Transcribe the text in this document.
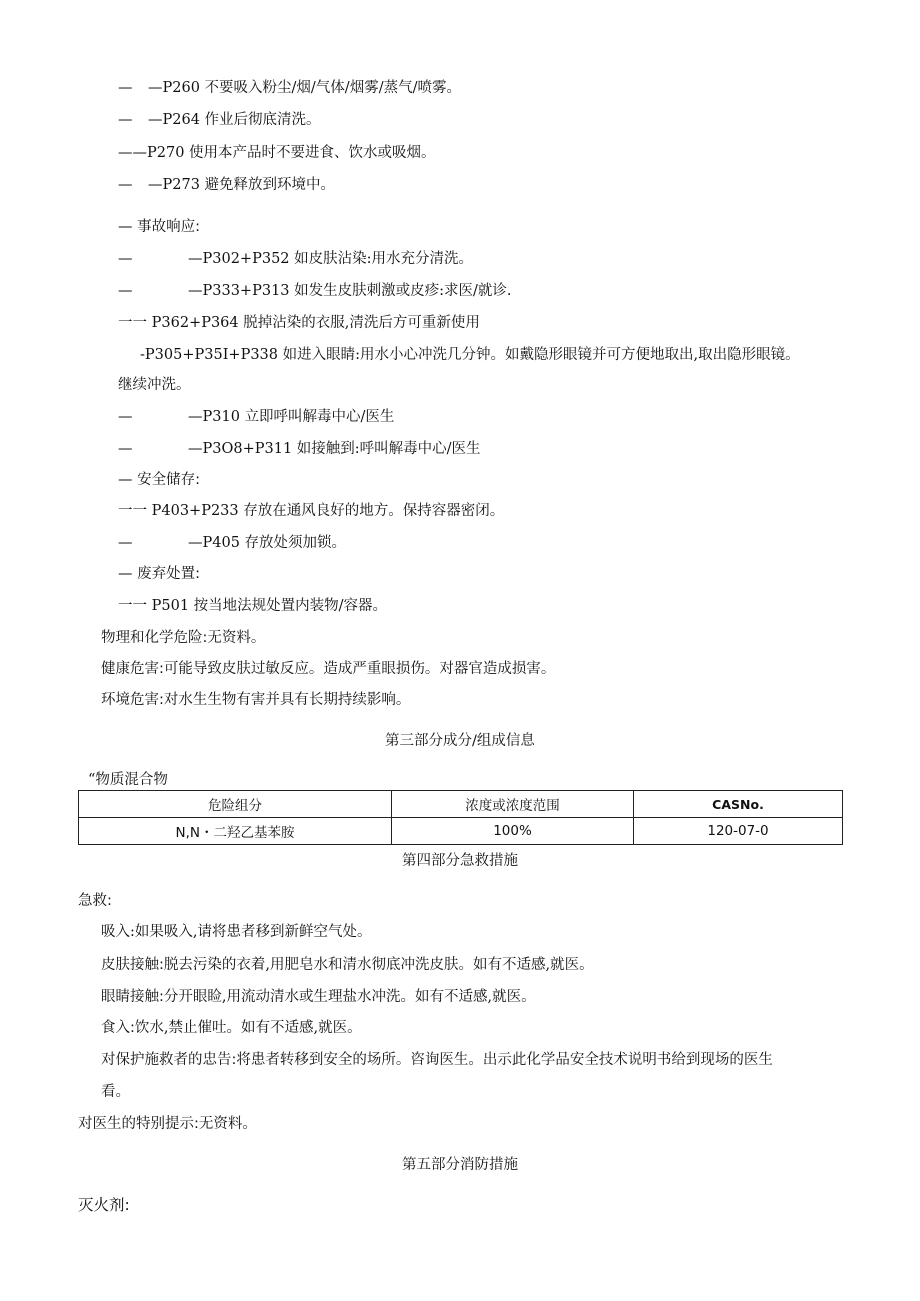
— —P260 不要吸入粉尘/烟/气体/烟雾/蒸气/喷雾。
— —P264 作业后彻底清洗。
——P270 使用本产品时不要进食、饮水或吸烟。
— —P273 避免释放到环境中。
— 事故响应:
—	—P302+P352 如皮肤沾染:用水充分清洗。
—	—P333+P313 如发生皮肤刺激或皮疹:求医/就诊.
一一 P362+P364 脱掉沾染的衣服,清洗后方可重新使用
-P305+P35I+P338 如进入眼睛:用水小心冲洗几分钟。如戴隐形眼镜并可方便地取出,取出隐形眼镜。
继续冲洗。
—	—P310 立即呼叫解毒中心/医生
—	—P3O8+P311 如接触到:呼叫解毒中心/医生
— 安全储存:
一一 P403+P233 存放在通风良好的地方。保持容器密闭。
—	—P405 存放处须加锁。
— 废弃处置:
一一 P501 按当地法规处置内装物/容器。
物理和化学危险:无资料。
健康危害:可能导致皮肤过敏反应。造成严重眼损伤。对器官造成损害。
环境危害:对水生生物有害并具有长期持续影响。
第三部分成分/组成信息
“物质混合物
危险组分	浓度或浓度范围	CASNo.
N,N・二羟乙基苯胺	100%	120-07-0
第四部分急救措施
急救:
吸入:如果吸入,请将患者移到新鲜空气处。
皮肤接触:脱去污染的衣着,用肥皂水和清水彻底冲洗皮肤。如有不适感,就医。
眼睛接触:分开眼睑,用流动清水或生理盐水冲洗。如有不适感,就医。
食入:饮水,禁止催吐。如有不适感,就医。
对保护施救者的忠告:将患者转移到安全的场所。咨询医生。出示此化学品安全技术说明书给到现场的医生
看。
对医生的特别提示:无资料。
第五部分消防措施
灭火剂:
